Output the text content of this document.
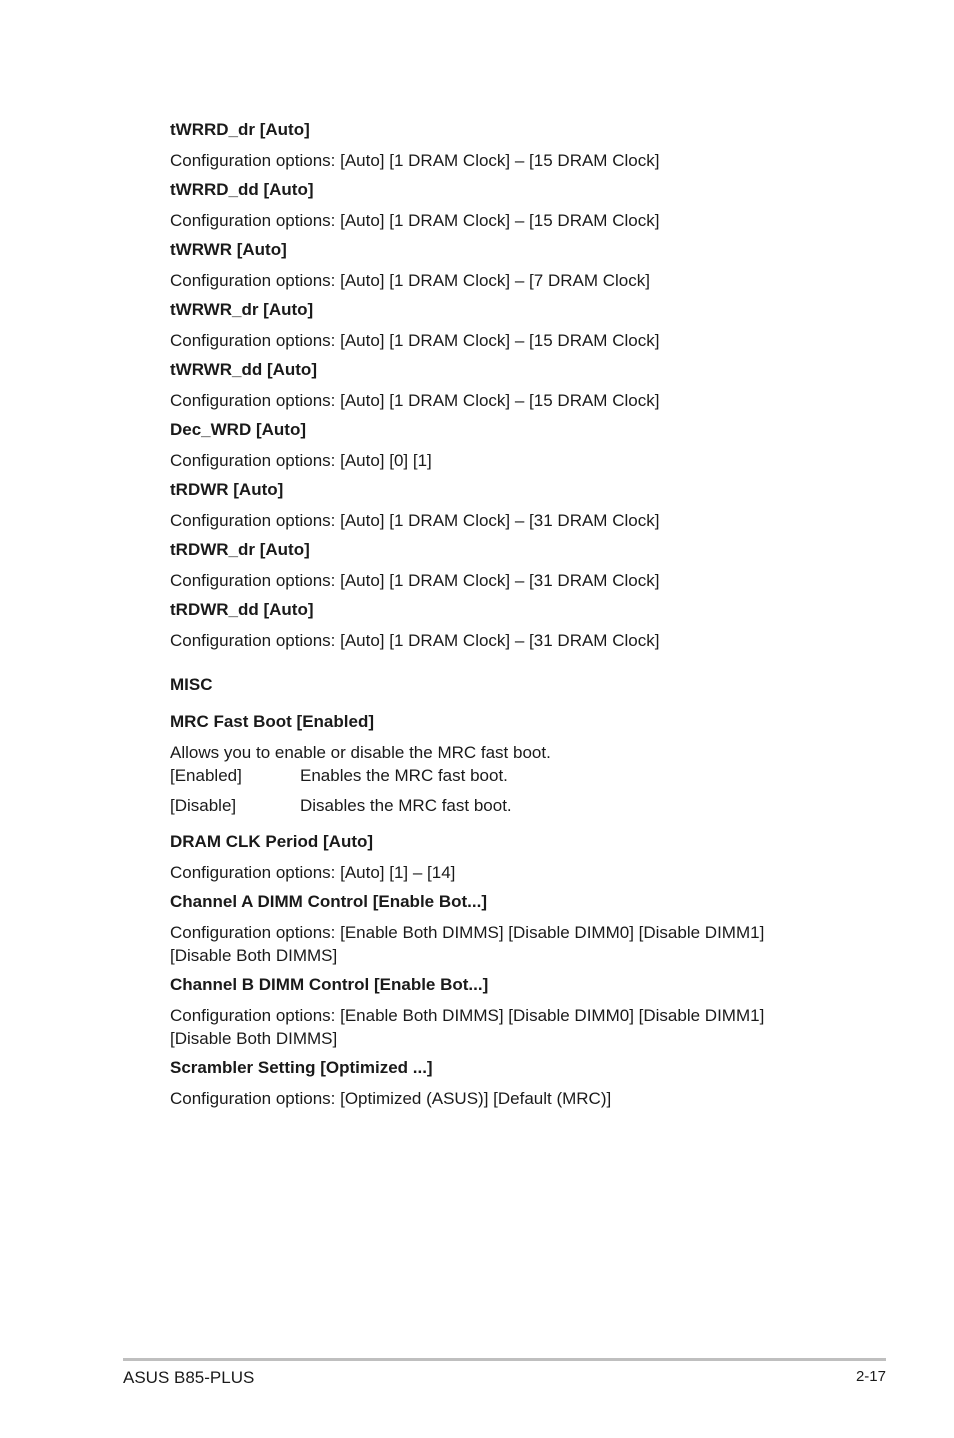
tWRRD_dr [Auto]
Configuration options: [Auto] [1 DRAM Clock] – [15 DRAM Clock]
tWRRD_dd [Auto]
Configuration options: [Auto] [1 DRAM Clock] – [15 DRAM Clock]
tWRWR [Auto]
Configuration options: [Auto] [1 DRAM Clock] – [7 DRAM Clock]
tWRWR_dr [Auto]
Configuration options: [Auto] [1 DRAM Clock] – [15 DRAM Clock]
tWRWR_dd [Auto]
Configuration options: [Auto] [1 DRAM Clock] – [15 DRAM Clock]
Dec_WRD [Auto]
Configuration options: [Auto] [0] [1]
tRDWR [Auto]
Configuration options: [Auto] [1 DRAM Clock] – [31 DRAM Clock]
tRDWR_dr [Auto]
Configuration options: [Auto] [1 DRAM Clock] – [31 DRAM Clock]
tRDWR_dd [Auto]
Configuration options: [Auto] [1 DRAM Clock] – [31 DRAM Clock]
MISC
MRC Fast Boot [Enabled]
Allows you to enable or disable the MRC fast boot.
[Enabled]	Enables the MRC fast boot.
[Disable]	Disables the MRC fast boot.
DRAM CLK Period [Auto]
Configuration options: [Auto] [1] – [14]
Channel A DIMM Control [Enable Bot...]
Configuration options: [Enable Both DIMMS] [Disable DIMM0] [Disable DIMM1] [Disable Both DIMMS]
Channel B DIMM Control [Enable Bot...]
Configuration options: [Enable Both DIMMS] [Disable DIMM0] [Disable DIMM1] [Disable Both DIMMS]
Scrambler Setting [Optimized ...]
Configuration options: [Optimized (ASUS)] [Default (MRC)]
ASUS B85-PLUS	2-17
